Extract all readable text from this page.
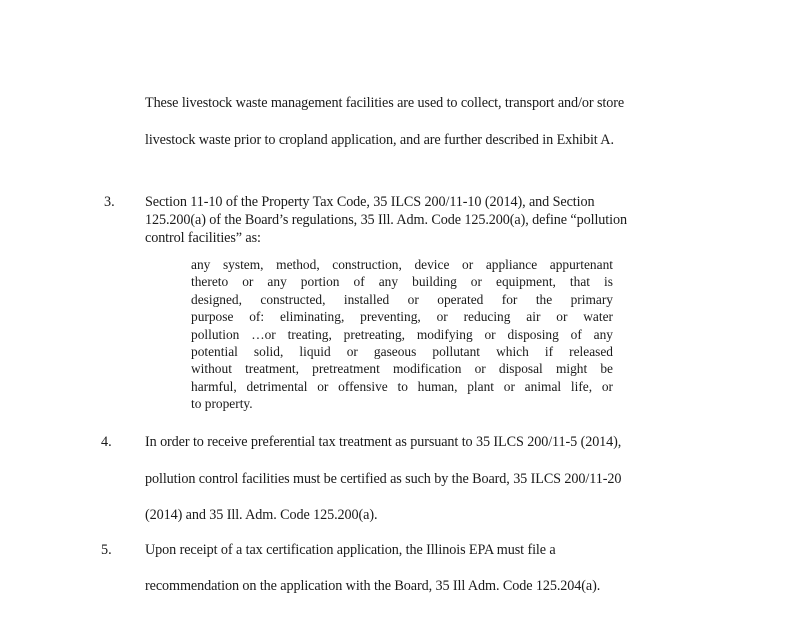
These livestock waste management facilities are used to collect, transport and/or store
livestock waste prior to cropland application, and are further described in Exhibit A.
3. Section 11-10 of the Property Tax Code, 35 ILCS 200/11-10 (2014), and Section
125.200(a) of the Board’s regulations, 35 Ill. Adm. Code 125.200(a), define “pollution
control facilities” as:
any system, method, construction, device or appliance appurtenant
thereto or any portion of any building or equipment, that is
designed, constructed, installed or operated for the primary
purpose of: eliminating, preventing, or reducing air or water
pollution …or treating, pretreating, modifying or disposing of any
potential solid, liquid or gaseous pollutant which if released
without treatment, pretreatment modification or disposal might be
harmful, detrimental or offensive to human, plant or animal life, or
to property.
4. In order to receive preferential tax treatment as pursuant to 35 ILCS 200/11-5 (2014),
pollution control facilities must be certified as such by the Board, 35 ILCS 200/11-20
(2014) and 35 Ill. Adm. Code 125.200(a).
5. Upon receipt of a tax certification application, the Illinois EPA must file a
recommendation on the application with the Board, 35 Ill Adm. Code 125.204(a).
